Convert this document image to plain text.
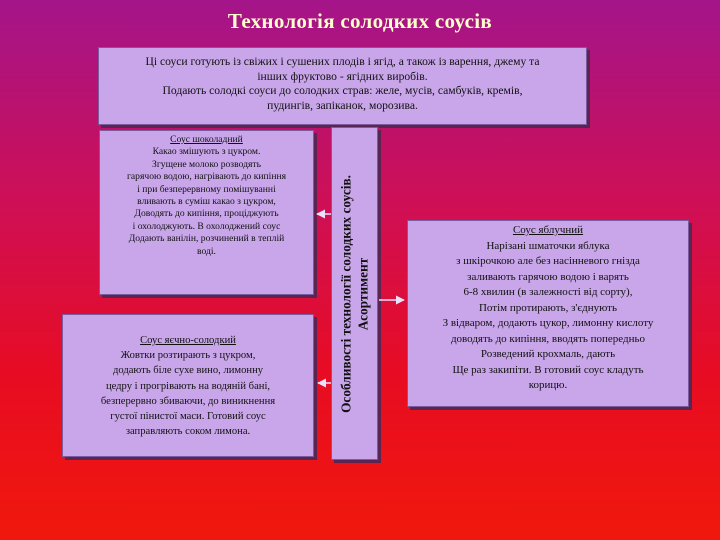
Технологія солодких соусів
Ці соуси готують із свіжих і сушених плодів і ягід, а також із варення, джему та
інших фруктово - ягідних виробів.
Подають солодкі соуси до солодких страв: желе, мусів, самбуків, кремів,
пудингів, запіканок, морозива.
Особливості технології солодких соусів. Асортимент
Соус шоколадний
Какао змішують з цукром.
Згущене молоко розводять
гарячою водою, нагрівають до кипіння
і при безперервному помішуванні
вливають в суміш какао з цукром,
Доводять до кипіння, проціджують
і охолоджують. В охолоджений соус
Додають ванілін, розчинений в теплій
воді.
Соус яєчно-солодкий
Жовтки розтирають з цукром,
додають біле сухе вино, лимонну
цедру і прогрівають на водяній бані,
безперервно збиваючи, до виникнення
густої пінистої маси. Готовий соус
заправляють соком лимона.
Соус яблучний
Нарізані шматочки яблука
з шкірочкою але без насінневого гнізда
заливають гарячою водою і варять
6-8 хвилин (в залежності від сорту),
Потім протирають, з'єднують
З відваром, додають цукор, лимонну кислоту
доводять до кипіння, вводять попередньо
Розведений крохмаль, дають
Ще раз закипіти. В готовий соус кладуть
корицю.
